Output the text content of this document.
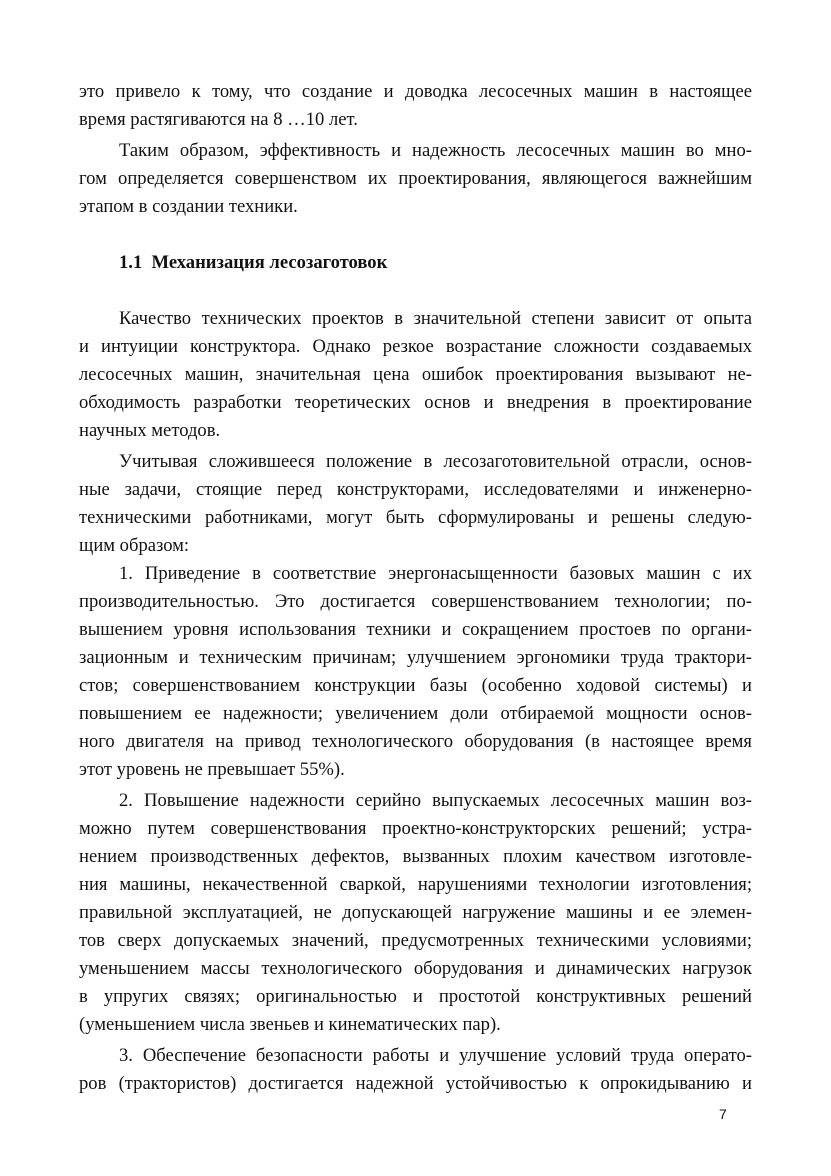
это привело к тому, что создание и доводка лесосечных машин в настоящее
время растягиваются на 8 …10 лет.

Таким образом, эффективность и надежность лесосечных машин во мно-
гом определяется совершенством их проектирования, являющегося важнейшим
этапом в создании техники.

1.1 Механизация лесозаготовок

Качество технических проектов в значительной степени зависит от опыта
и интуиции конструктора. Однако резкое возрастание сложности создаваемых
лесосечных машин, значительная цена ошибок проектирования вызывают не-
обходимость разработки теоретических основ и внедрения в проектирование
научных методов.

Учитывая сложившееся положение в лесозаготовительной отрасли, основ-
ные задачи, стоящие перед конструкторами, исследователями и инженерно-
техническими работниками, могут быть сформулированы и решены следую-
щим образом:

1. Приведение в соответствие энергонасыщенности базовых машин с их
производительностью. Это достигается совершенствованием технологии; по-
вышением уровня использования техники и сокращением простоев по органи-
зационным и техническим причинам; улучшением эргономики труда трактори-
стов; совершенствованием конструкции базы (особенно ходовой системы) и
повышением ее надежности; увеличением доли отбираемой мощности основ-
ного двигателя на привод технологического оборудования (в настоящее время
этот уровень не превышает 55%).

2. Повышение надежности серийно выпускаемых лесосечных машин воз-
можно путем совершенствования проектно-конструкторских решений; устра-
нением производственных дефектов, вызванных плохим качеством изготовле-
ния машины, некачественной сваркой, нарушениями технологии изготовления;
правильной эксплуатацией, не допускающей нагружение машины и ее элемен-
тов сверх допускаемых значений, предусмотренных техническими условиями;
уменьшением массы технологического оборудования и динамических нагрузок
в упругих связях; оригинальностью и простотой конструктивных решений
(уменьшением числа звеньев и кинематических пар).

3. Обеспечение безопасности работы и улучшение условий труда операто-
ров (трактористов) достигается надежной устойчивостью к опрокидыванию и

7
